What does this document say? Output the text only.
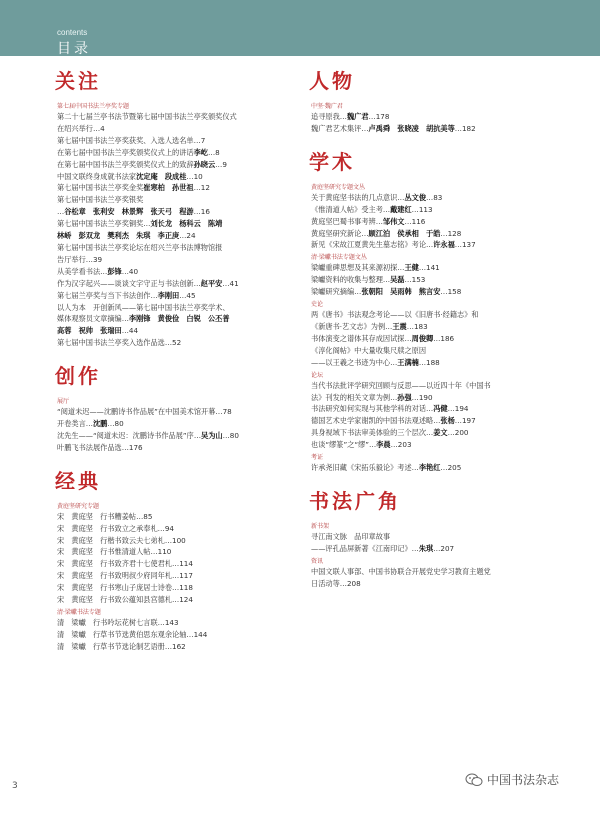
contents
目录
关注
第七届中国书法兰亭奖专题
第二十七届兰亭书法节暨第七届中国书法兰亭奖颁奖仪式
在绍兴举行…4
第七届中国书法兰亭奖获奖、入选人选名单…7
在第七届中国书法兰亭奖颁奖仪式上的讲话李屹…8
在第七届中国书法兰亭奖颁奖仪式上的致辞孙晓云…9
中国文联终身成就书法家沈定庵　段成桂…10
第七届中国书法兰亭奖金奖崔寒柏　孙世祖…12
第七届中国书法兰亭奖银奖
…谷松章　张利安　林景辉　张天弓　程游…16
第七届中国书法兰亭奖铜奖…刘长龙　杨科云　陈靖
林峤　彭双龙　樊利杰　朱琪　李正庚…24
第七届中国书法兰亭奖论坛在绍兴兰亭书法博物馆报
告厅举行…39
从美学看书法…彭锋…40
作为汉字起兴——谈谈文字守正与书法创新…赵平安…41
第七届兰亭奖与当下书法创作…李刚田…45
以人为本　开创新风——第七届中国书法兰亭奖学术、
媒体观察员文章摘编…李刚锋　黄俊俭　白锐　公丕普
高蓉　祝帅　张瑞田…44
第七届中国书法兰亭奖入选作品选…52
创作
展厅
“阅道未迟——沈鹏诗书作品展”在中国美术馆开幕…78
开卷类言…沈鹏…80
沈先生——“阅道未迟：沈鹏诗书作品展”序…吴为山…80
叶鹏飞书法展作品选…176
经典
黄庭坚研究专题
宋　黄庭坚　行书糟姜帖…85
宋　黄庭坚　行书致立之承奉札…94
宋　黄庭坚　行楷书致云夫七弟札…100
宋　黄庭坚　行书惟清道人帖…110
宋　黄庭坚　行书致齐君十七使君札…114
宋　黄庭坚　行书致明叔少府同年札…117
宋　黄庭坚　行书寒山子庞居士诗卷…118
宋　黄庭坚　行书致公蕴知县宫德札…124
清·梁巘书法专题
清　梁巘　行书吟坛花树七言联…143
清　梁巘　行草书节选黄伯思东观余论轴…144
清　梁巘　行草书节选论制艺语册…162
人物
中坚·魏广君
追寻原我…魏广君…178
魏广君艺术集评…卢禹舜　张晓凌　胡抗美等…182
学术
黄庭坚研究专题文丛
关于黄庭坚书法的几点意识…丛文俊…83
《惟清道人帖》受主考…戴建红…113
黄庭坚巴蜀书事考辨…邹伟文…116
黄庭坚研究新论…顾江泊　侯承相　于皓…128
新见《宋故江夏黄先生墓志铭》考论…许永福…137
清·梁巘书法专题文丛
梁巘重碑思想及其来源初探…王健…141
梁巘资料的收集与整理…吴磊…153
梁巘研究摘编…张朝阳　吴雨韩　熊言安…158
史论
两《唐书》书法观念考论——以《旧唐书·经籍志》和
《新唐书·艺文志》为例…王震…183
书体演变之谱体其存成因试探…周俊卿…186
《淳化阁帖》中大量收集尺牍之原因
——以王羲之书迹为中心…王满楠…188
论坛
当代书法批评学研究回顾与反思——以近四十年《中国书
法》刊发的相关文章为例…孙强…190
书法研究如何实现与其他学科的对话…冯健…194
德国艺术史学家谢凯的中国书法观述略…张杨…197
具身视域下书法审美体验的三个层次…姜文…200
也谈“缪篆”之“缪”…李晨…203
考证
许承尧旧藏《宋拓乐毅论》考述…李艳红…205
书法广角
新书架
寻江南文脉　品印章故事
——评孔品屏新著《江南印记》…朱琪…207
资讯
中国文联人事部、中国书协联合开展党史学习教育主题党
日活动等…208
3	中国书法杂志
